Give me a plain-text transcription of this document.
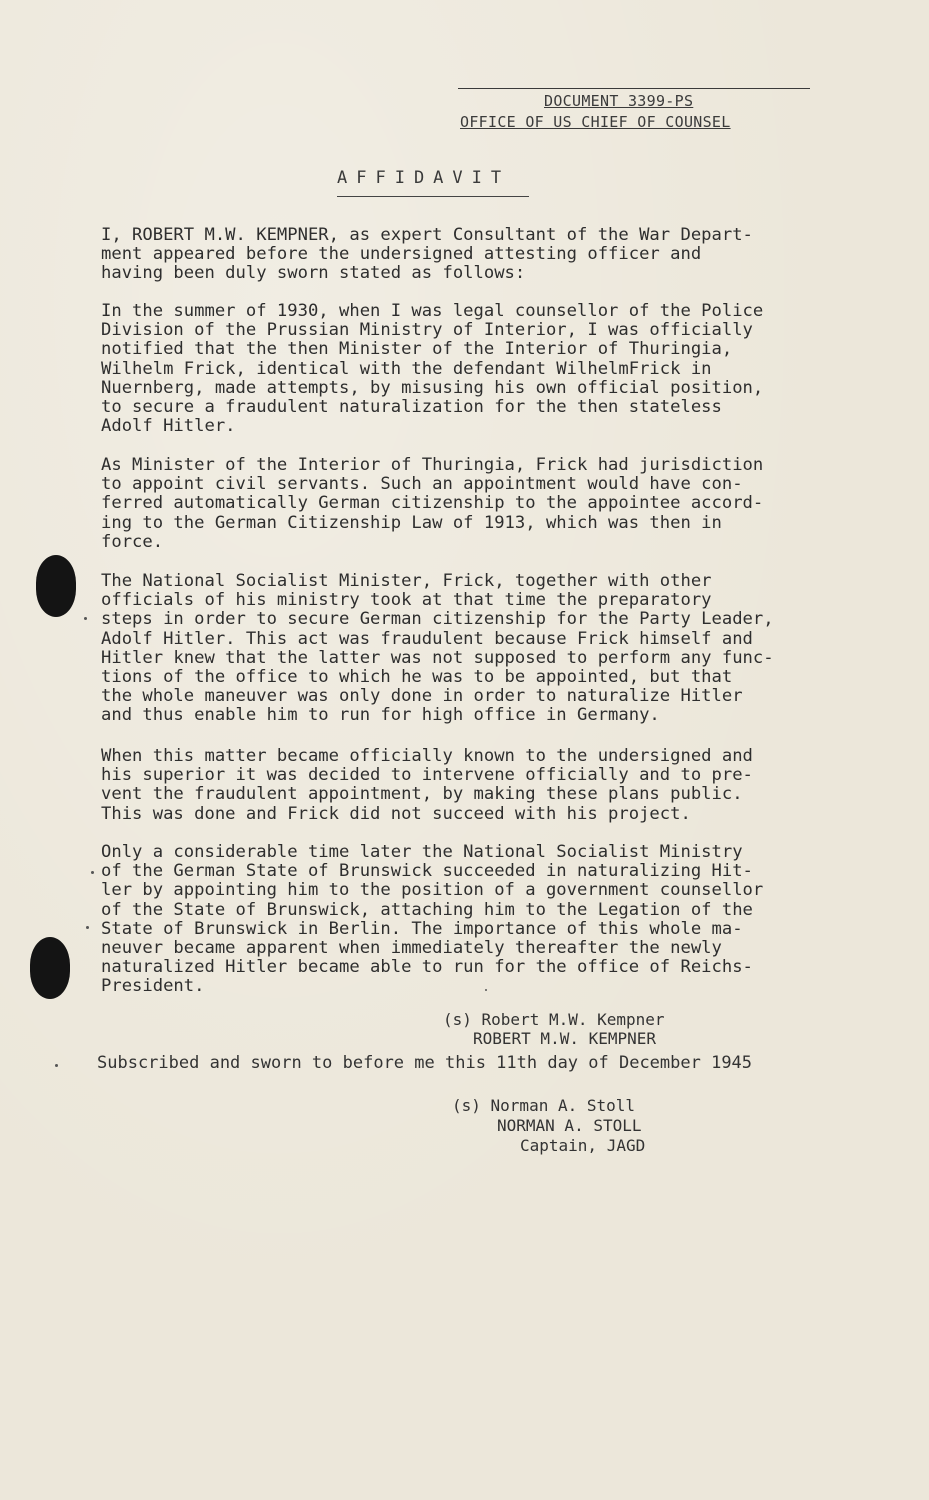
DOCUMENT 3399-PS
OFFICE OF US CHIEF OF COUNSEL
AFFIDAVIT

I, ROBERT M.W. KEMPNER, as expert Consultant of the War Depart-
ment appeared before the undersigned attesting officer and
having been duly sworn stated as follows:

In the summer of 1930, when I was legal counsellor of the Police
Division of the Prussian Ministry of Interior, I was officially
notified that the then Minister of the Interior of Thuringia,
Wilhelm Frick, identical with the defendant WilhelmFrick in
Nuernberg, made attempts, by misusing his own official position,
to secure a fraudulent naturalization for the then stateless
Adolf Hitler.

As Minister of the Interior of Thuringia, Frick had jurisdiction
to appoint civil servants. Such an appointment would have con-
ferred automatically German citizenship to the appointee accord-
ing to the German Citizenship Law of 1913, which was then in
force.

The National Socialist Minister, Frick, together with other
officials of his ministry took at that time the preparatory
steps in order to secure German citizenship for the Party Leader,
Adolf Hitler. This act was fraudulent because Frick himself and
Hitler knew that the latter was not supposed to perform any func-
tions of the office to which he was to be appointed, but that
the whole maneuver was only done in order to naturalize Hitler
and thus enable him to run for high office in Germany.

When this matter became officially known to the undersigned and
his superior it was decided to intervene officially and to pre-
vent the fraudulent appointment, by making these plans public.
This was done and Frick did not succeed with his project.

Only a considerable time later the National Socialist Ministry
of the German State of Brunswick succeeded in naturalizing Hit-
ler by appointing him to the position of a government counsellor
of the State of Brunswick, attaching him to the Legation of the
State of Brunswick in Berlin. The importance of this whole ma-
neuver became apparent when immediately thereafter the newly
naturalized Hitler became able to run for the office of Reichs-
President.

(s) Robert M.W. Kempner
ROBERT M.W. KEMPNER
Subscribed and sworn to before me this 11th day of December 1945
(s) Norman A. Stoll
NORMAN A. STOLL
Captain, JAGD
